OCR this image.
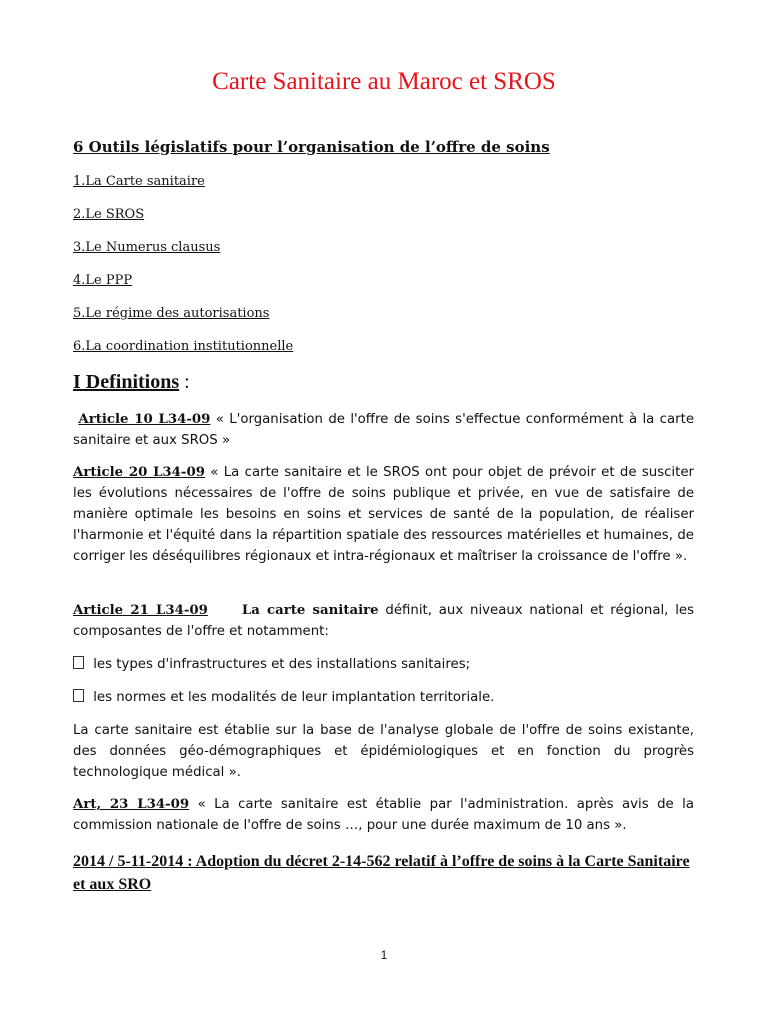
Carte Sanitaire au Maroc et SROS
6 Outils législatifs pour l’organisation de l’offre de soins
1.La Carte sanitaire
2.Le SROS
3.Le Numerus clausus
4.Le PPP
5.Le régime des autorisations
6.La coordination institutionnelle
I Definitions :
Article 10 L34-09 « L'organisation de l'offre de soins s'effectue conformément à la carte sanitaire et aux SROS »
Article 20 L34-09 « La carte sanitaire et le SROS ont pour objet de prévoir et de susciter les évolutions nécessaires de l'offre de soins publique et privée, en vue de satisfaire de manière optimale les besoins en soins et services de santé de la population, de réaliser l'harmonie et l'équité dans la répartition spatiale des ressources matérielles et humaines, de corriger les déséquilibres régionaux et intra-régionaux et maîtriser la croissance de l'offre ».
Article 21 L34-09	La carte sanitaire définit, aux niveaux national et régional, les composantes de l'offre et notamment:
les types d'infrastructures et des installations sanitaires;
les normes et les modalités de leur implantation territoriale.
La carte sanitaire est établie sur la base de l'analyse globale de l'offre de soins existante, des données géo-démographiques et épidémiologiques et en fonction du progrès technologique médical ».
Art, 23 L34-09 « La carte sanitaire est établie par l'administration. après avis de la commission nationale de l'offre de soins …, pour une durée maximum de 10 ans ».
2014 / 5-11-2014 : Adoption du décret 2-14-562 relatif à l’offre de soins à la Carte Sanitaire et aux SRO
1
